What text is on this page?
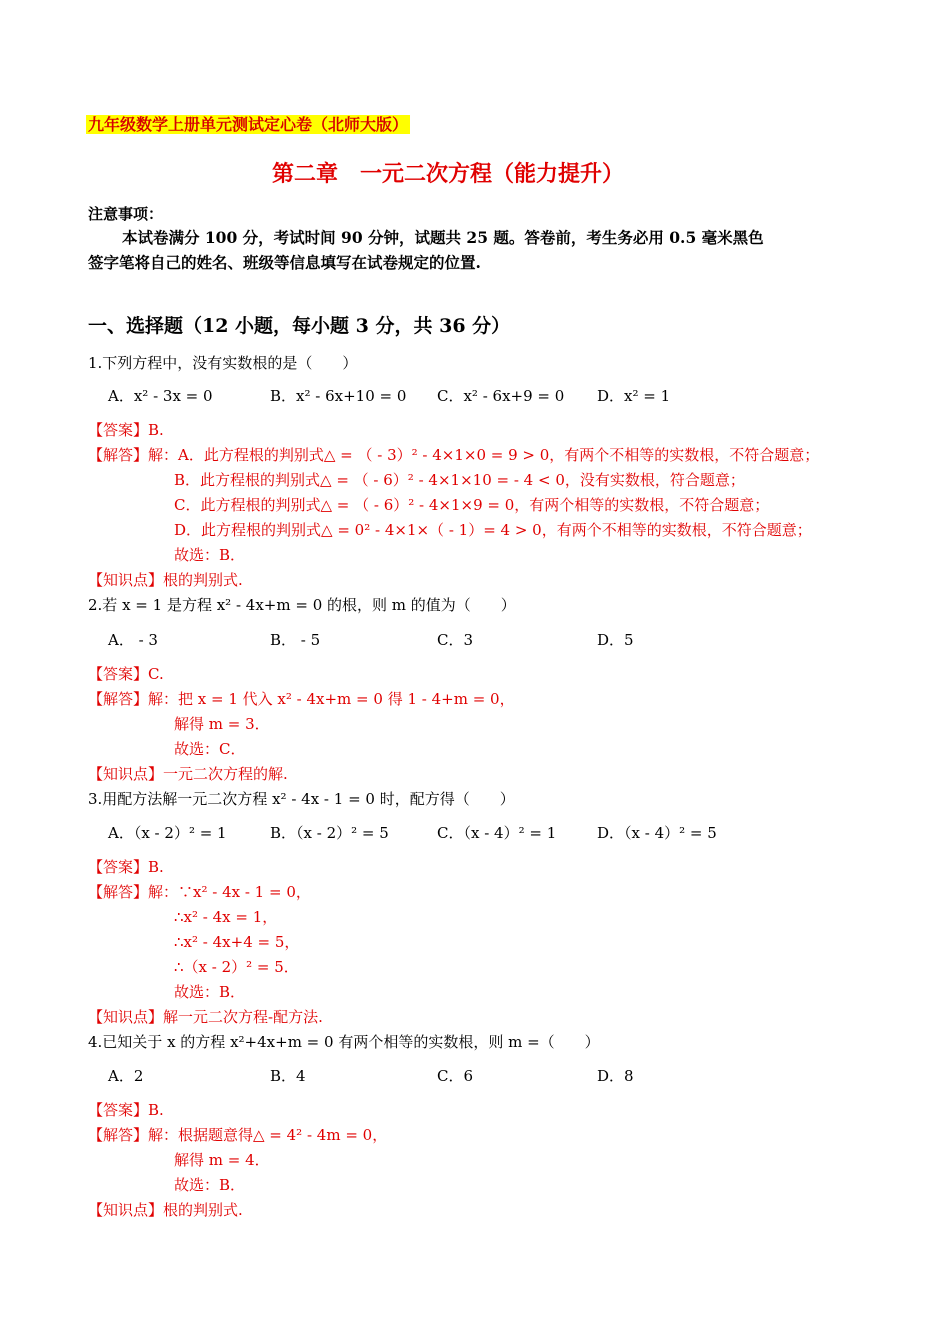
九年级数学上册单元测试定心卷（北师大版）
第二章　一元二次方程（能力提升）
注意事项：
本试卷满分 100 分，考试时间 90 分钟，试题共 25 题。答卷前，考生务必用 0.5 毫米黑色
签字笔将自己的姓名、班级等信息填写在试卷规定的位置.
一、选择题（12 小题，每小题 3 分，共 36 分）
1.下列方程中，没有实数根的是（　　）
A．x² - 3x = 0	B．x² - 6x+10 = 0 C．x² - 6x+9 = 0 D．x² = 1
【答案】B.
【解答】解：A．此方程根的判别式△ = （ - 3）² - 4×1×0 = 9 > 0，有两个不相等的实数根，不符合题意；
B．此方程根的判别式△ = （ - 6）² - 4×1×10 = - 4 < 0，没有实数根，符合题意；
C．此方程根的判别式△ = （ - 6）² - 4×1×9 = 0，有两个相等的实数根，不符合题意；
D．此方程根的判别式△ = 0² - 4×1×（ - 1）= 4 > 0，有两个不相等的实数根，不符合题意；
故选：B．
【知识点】根的判别式.
2.若 x = 1 是方程 x² - 4x+m = 0 的根，则 m 的值为（　　）
A． - 3	B． - 5	C．3	D．5
【答案】C.
【解答】解：把 x = 1 代入 x² - 4x+m = 0 得 1 - 4+m = 0，
解得 m = 3．
故选：C．
【知识点】一元二次方程的解.
3.用配方法解一元二次方程 x² - 4x - 1 = 0 时，配方得（　　）
A．（x - 2）² = 1	B．（x - 2）² = 5	C．（x - 4）² = 1	D．（x - 4）² = 5
【答案】B.
【解答】解：∵x² - 4x - 1 = 0，
∴x² - 4x = 1，
∴x² - 4x+4 = 5，
∴（x - 2）² = 5．
故选：B．
【知识点】解一元二次方程-配方法.
4.已知关于 x 的方程 x²+4x+m = 0 有两个相等的实数根，则 m =（　　）
A．2	B．4	C．6	D．8
【答案】B.
【解答】解：根据题意得△ = 4² - 4m = 0，
解得 m = 4．
故选：B．
【知识点】根的判别式.
